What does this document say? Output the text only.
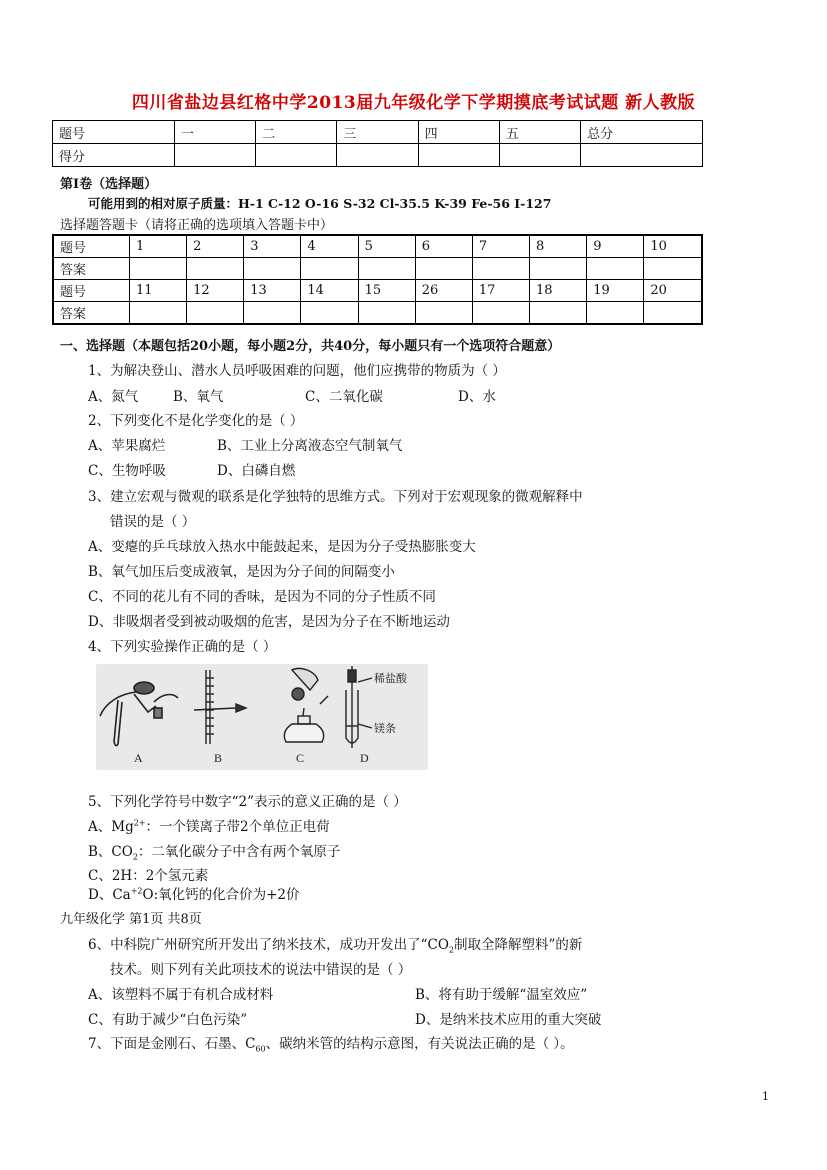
四川省盐边县红格中学2013届九年级化学下学期摸底考试试题 新人教版
题号	一	二	三	四	五	总分
得分						
第Ⅰ卷（选择题）
可能用到的相对原子质量：H-1 C-12 O-16 S-32 Cl-35.5 K-39 Fe-56 I-127
选择题答题卡（请将正确的选项填入答题卡中）
题号	1	2	3	4	5	6	7	8	9	10
答案										
题号	11	12	13	14	15	26	17	18	19	20
答案										
一、选择题（本题包括20小题，每小题2分，共40分，每小题只有一个选项符合题意）
1、为解决登山、潜水人员呼吸困难的问题，他们应携带的物质为（ ）
A、氮气	B、氧气	C、二氧化碳	D、水
2、下列变化不是化学变化的是（ ）
A、苹果腐烂	B、工业上分离液态空气制氧气
C、生物呼吸	D、白磷自燃
3、建立宏观与微观的联系是化学独特的思维方式。下列对于宏观现象的微观解释中
错误的是（ ）
A、变瘪的乒乓球放入热水中能鼓起来，是因为分子受热膨胀变大
B、氧气加压后变成液氧，是因为分子间的间隔变小
C、不同的花儿有不同的香味，是因为不同的分子性质不同
D、非吸烟者受到被动吸烟的危害，是因为分子在不断地运动
4、下列实验操作正确的是（ ）
A	B	C	D
稀盐酸
镁条
5、下列化学符号中数字“2”表示的意义正确的是（ ）
A、$Mg^{2+}$：一个镁离子带2个单位正电荷
B、$CO_2$：二氧化碳分子中含有两个氧原子
C、2H：2个氢元素
D、$Ca^{+2}O$:氧化钙的化合价为+2价
九年级化学 第1页 共8页
6、中科院广州研究所开发出了纳米技术，成功开发出了“$CO_2$制取全降解塑料”的新
技术。则下列有关此项技术的说法中错误的是（ ）
A、该塑料不属于有机合成材料	B、将有助于缓解“温室效应”
C、有助于减少“白色污染”	D、是纳米技术应用的重大突破
7、下面是金刚石、石墨、$C_{60}$、碳纳米管的结构示意图，有关说法正确的是（ ）。
1
